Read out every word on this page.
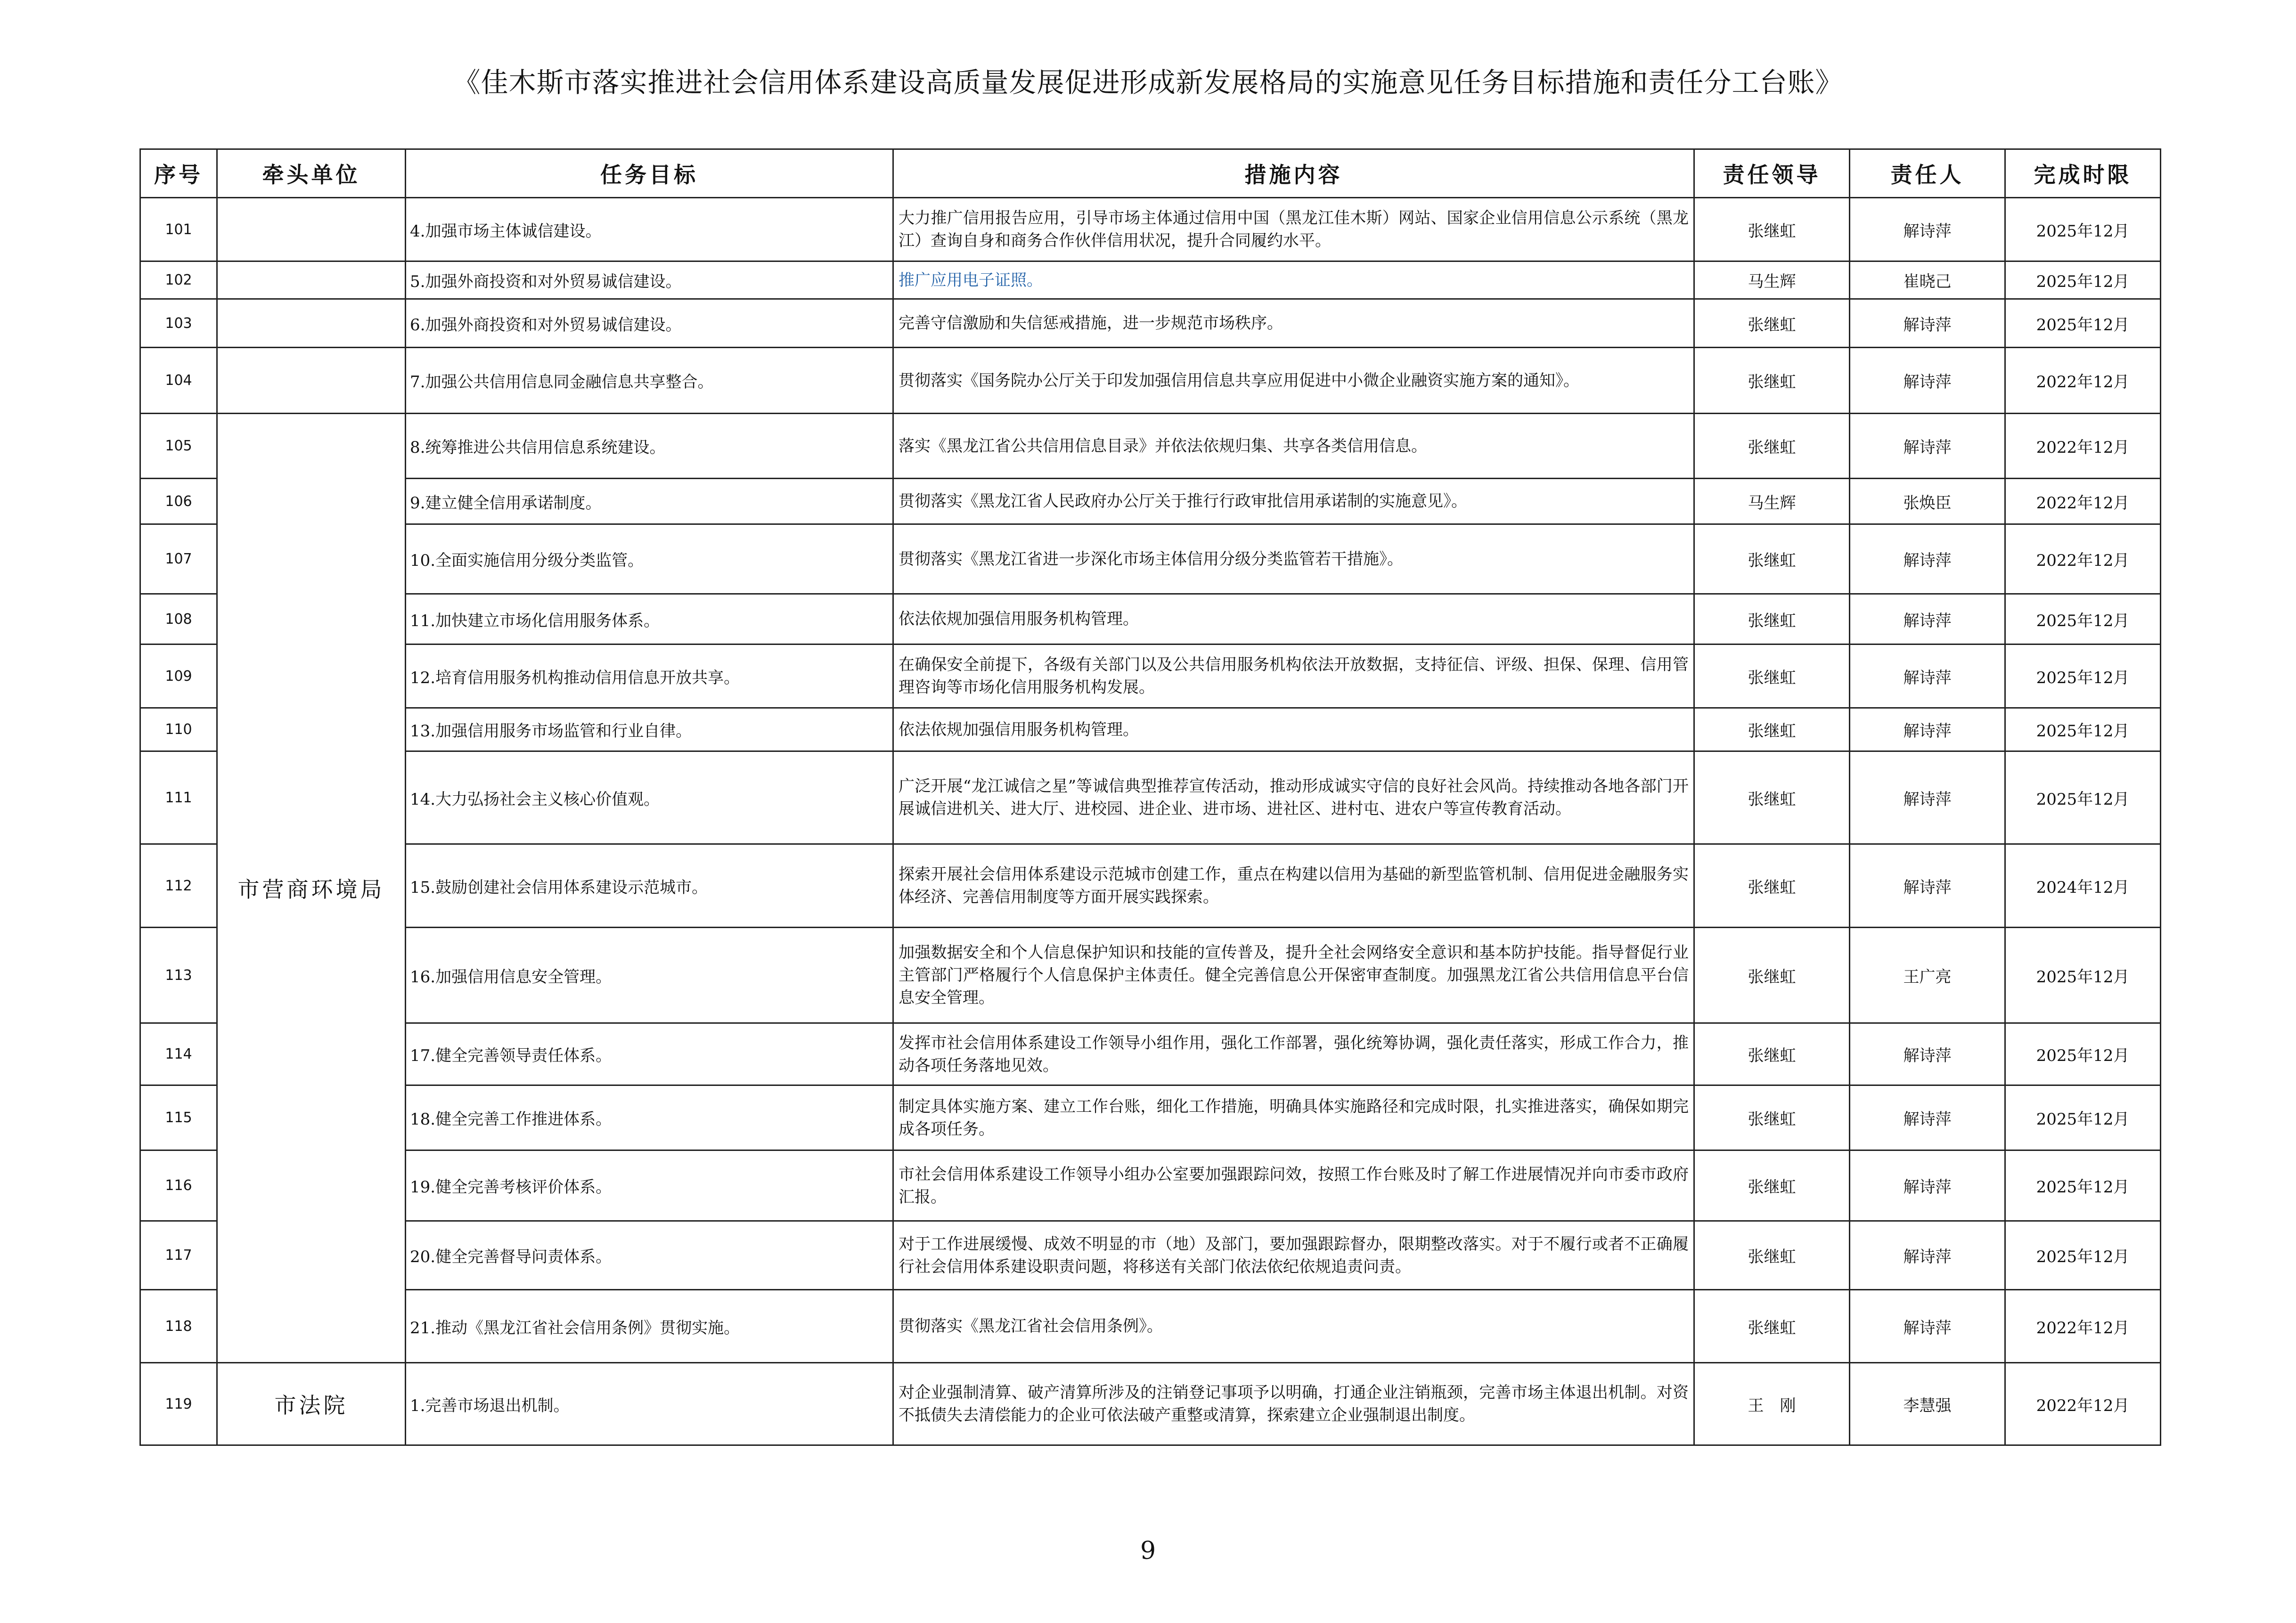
《佳木斯市落实推进社会信用体系建设高质量发展促进形成新发展格局的实施意见任务目标措施和责任分工台账》
序号	牵头单位	任务目标	措施内容	责任领导	责任人	完成时限
101		4.加强市场主体诚信建设。	大力推广信用报告应用，引导市场主体通过信用中国（黑龙江佳木斯）网站、国家企业信用信息公示系统（黑龙江）查询自身和商务合作伙伴信用状况，提升合同履约水平。	张继虹	解诗萍	2025年12月
102		5.加强外商投资和对外贸易诚信建设。	推广应用电子证照。	马生辉	崔晓己	2025年12月
103		6.加强外商投资和对外贸易诚信建设。	完善守信激励和失信惩戒措施，进一步规范市场秩序。	张继虹	解诗萍	2025年12月
104		7.加强公共信用信息同金融信息共享整合。	贯彻落实《国务院办公厅关于印发加强信用信息共享应用促进中小微企业融资实施方案的通知》。	张继虹	解诗萍	2022年12月
105	市营商环境局	8.统筹推进公共信用信息系统建设。	落实《黑龙江省公共信用信息目录》并依法依规归集、共享各类信用信息。	张继虹	解诗萍	2022年12月
106		9.建立健全信用承诺制度。	贯彻落实《黑龙江省人民政府办公厅关于推行行政审批信用承诺制的实施意见》。	马生辉	张焕臣	2022年12月
107		10.全面实施信用分级分类监管。	贯彻落实《黑龙江省进一步深化市场主体信用分级分类监管若干措施》。	张继虹	解诗萍	2022年12月
108		11.加快建立市场化信用服务体系。	依法依规加强信用服务机构管理。	张继虹	解诗萍	2025年12月
109		12.培育信用服务机构推动信用信息开放共享。	在确保安全前提下，各级有关部门以及公共信用服务机构依法开放数据，支持征信、评级、担保、保理、信用管理咨询等市场化信用服务机构发展。	张继虹	解诗萍	2025年12月
110		13.加强信用服务市场监管和行业自律。	依法依规加强信用服务机构管理。	张继虹	解诗萍	2025年12月
111		14.大力弘扬社会主义核心价值观。	广泛开展“龙江诚信之星”等诚信典型推荐宣传活动，推动形成诚实守信的良好社会风尚。持续推动各地各部门开展诚信进机关、进大厅、进校园、进企业、进市场、进社区、进村屯、进农户等宣传教育活动。	张继虹	解诗萍	2025年12月
112		15.鼓励创建社会信用体系建设示范城市。	探索开展社会信用体系建设示范城市创建工作，重点在构建以信用为基础的新型监管机制、信用促进金融服务实体经济、完善信用制度等方面开展实践探索。	张继虹	解诗萍	2024年12月
113		16.加强信用信息安全管理。	加强数据安全和个人信息保护知识和技能的宣传普及，提升全社会网络安全意识和基本防护技能。指导督促行业主管部门严格履行个人信息保护主体责任。健全完善信息公开保密审查制度。加强黑龙江省公共信用信息平台信息安全管理。	张继虹	王广亮	2025年12月
114		17.健全完善领导责任体系。	发挥市社会信用体系建设工作领导小组作用，强化工作部署，强化统筹协调，强化责任落实，形成工作合力，推动各项任务落地见效。	张继虹	解诗萍	2025年12月
115		18.健全完善工作推进体系。	制定具体实施方案、建立工作台账，细化工作措施，明确具体实施路径和完成时限，扎实推进落实，确保如期完成各项任务。	张继虹	解诗萍	2025年12月
116		19.健全完善考核评价体系。	市社会信用体系建设工作领导小组办公室要加强跟踪问效，按照工作台账及时了解工作进展情况并向市委市政府汇报。	张继虹	解诗萍	2025年12月
117		20.健全完善督导问责体系。	对于工作进展缓慢、成效不明显的市（地）及部门，要加强跟踪督办，限期整改落实。对于不履行或者不正确履行社会信用体系建设职责问题，将移送有关部门依法依纪依规追责问责。	张继虹	解诗萍	2025年12月
118		21.推动《黑龙江省社会信用条例》贯彻实施。	贯彻落实《黑龙江省社会信用条例》。	张继虹	解诗萍	2022年12月
119	市法院	1.完善市场退出机制。	对企业强制清算、破产清算所涉及的注销登记事项予以明确，打通企业注销瓶颈，完善市场主体退出机制。对资不抵债失去清偿能力的企业可依法破产重整或清算，探索建立企业强制退出制度。	王　刚	李慧强	2022年12月
9
